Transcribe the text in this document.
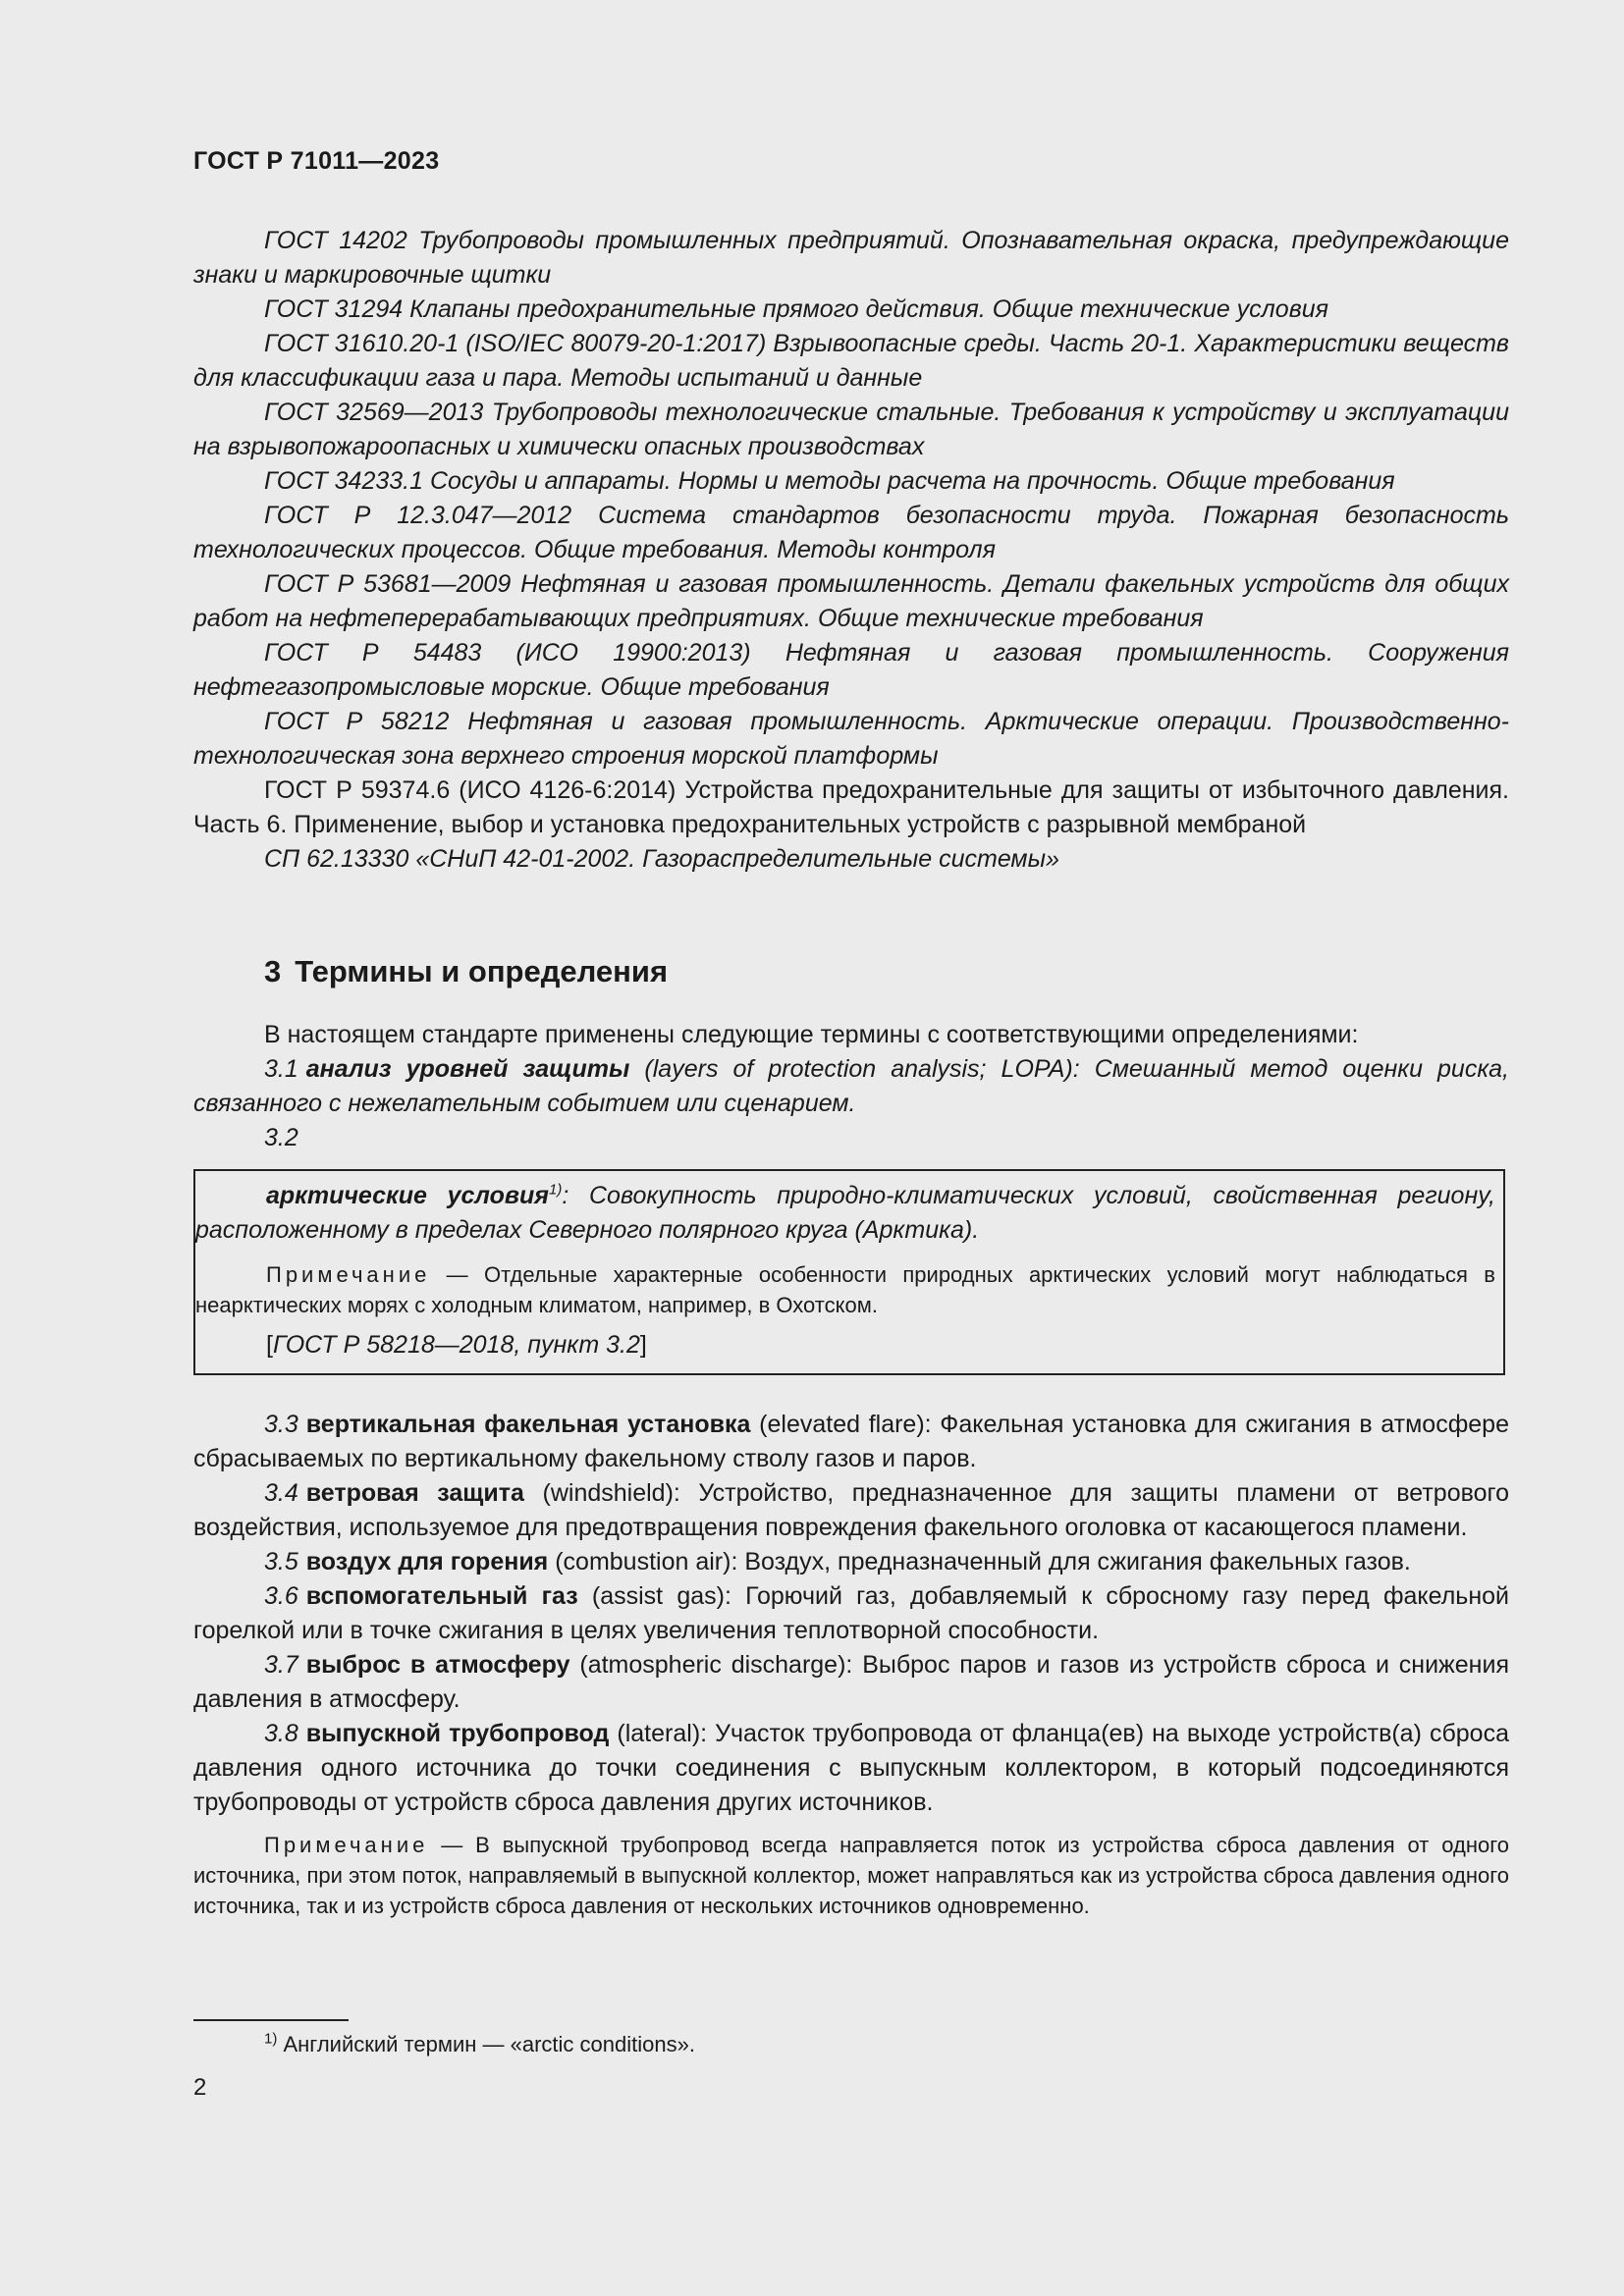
ГОСТ Р 71011—2023

ГОСТ 14202 Трубопроводы промышленных предприятий. Опознавательная окраска, предупреждающие знаки и маркировочные щитки

ГОСТ 31294 Клапаны предохранительные прямого действия. Общие технические условия

ГОСТ 31610.20-1 (ISO/IEC 80079-20-1:2017) Взрывоопасные среды. Часть 20-1. Характеристики веществ для классификации газа и пара. Методы испытаний и данные

ГОСТ 32569—2013 Трубопроводы технологические стальные. Требования к устройству и эксплуатации на взрывопожароопасных и химически опасных производствах

ГОСТ 34233.1 Сосуды и аппараты. Нормы и методы расчета на прочность. Общие требования

ГОСТ Р 12.3.047—2012 Система стандартов безопасности труда. Пожарная безопасность технологических процессов. Общие требования. Методы контроля

ГОСТ Р 53681—2009 Нефтяная и газовая промышленность. Детали факельных устройств для общих работ на нефтеперерабатывающих предприятиях. Общие технические требования

ГОСТ Р 54483 (ИСО 19900:2013) Нефтяная и газовая промышленность. Сооружения нефтегазопромысловые морские. Общие требования

ГОСТ Р 58212 Нефтяная и газовая промышленность. Арктические операции. Производственно-технологическая зона верхнего строения морской платформы

ГОСТ Р 59374.6 (ИСО 4126-6:2014) Устройства предохранительные для защиты от избыточного давления. Часть 6. Применение, выбор и установка предохранительных устройств с разрывной мембраной

СП 62.13330 «СНиП 42-01-2002. Газораспределительные системы»

3 Термины и определения

В настоящем стандарте применены следующие термины с соответствующими определениями:

3.1 анализ уровней защиты (layers of protection analysis; LOPA): Смешанный метод оценки риска, связанного с нежелательным событием или сценарием.

3.2

арктические условия$^{1)}$: Совокупность природно-климатических условий, свойственная региону, расположенному в пределах Северного полярного круга (Арктика).

Примечание — Отдельные характерные особенности природных арктических условий могут наблюдаться в неарктических морях с холодным климатом, например, в Охотском.

[ГОСТ Р 58218—2018, пункт 3.2]

3.3 вертикальная факельная установка (elevated flare): Факельная установка для сжигания в атмосфере сбрасываемых по вертикальному факельному стволу газов и паров.

3.4 ветровая защита (windshield): Устройство, предназначенное для защиты пламени от ветрового воздействия, используемое для предотвращения повреждения факельного оголовка от касающегося пламени.

3.5 воздух для горения (combustion air): Воздух, предназначенный для сжигания факельных газов.

3.6 вспомогательный газ (assist gas): Горючий газ, добавляемый к сбросному газу перед факельной горелкой или в точке сжигания в целях увеличения теплотворной способности.

3.7 выброс в атмосферу (atmospheric discharge): Выброс паров и газов из устройств сброса и снижения давления в атмосферу.

3.8 выпускной трубопровод (lateral): Участок трубопровода от фланца(ев) на выходе устройств(а) сброса давления одного источника до точки соединения с выпускным коллектором, в который подсоединяются трубопроводы от устройств сброса давления других источников.

Примечание — В выпускной трубопровод всегда направляется поток из устройства сброса давления от одного источника, при этом поток, направляемый в выпускной коллектор, может направляться как из устройства сброса давления одного источника, так и из устройств сброса давления от нескольких источников одновременно.

$^{1)}$ Английский термин — «arctic conditions».

2
